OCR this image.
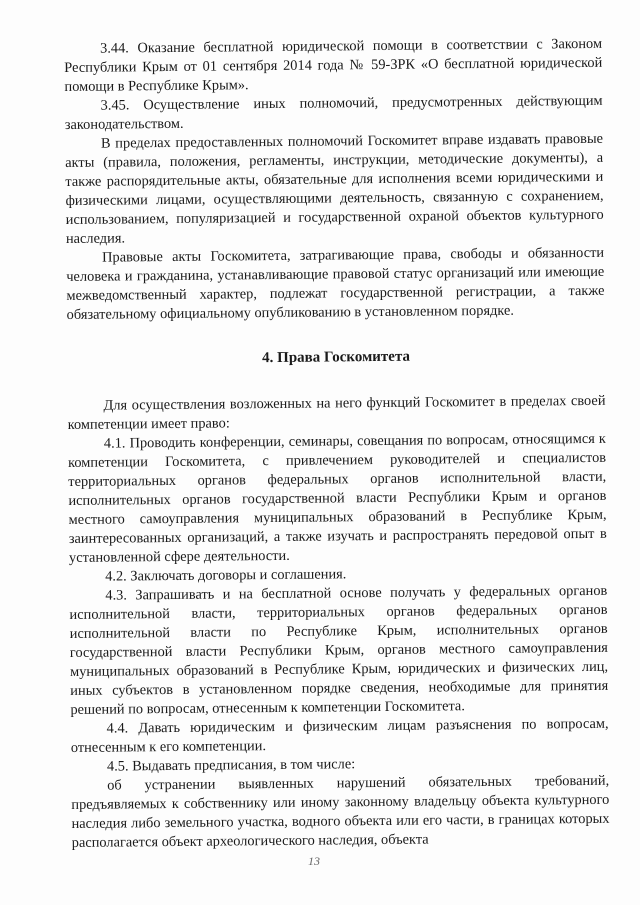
3.44. Оказание бесплатной юридической помощи в соответствии с Законом Республики Крым от 01 сентября 2014 года № 59-ЗРК «О бесплатной юридической помощи в Республике Крым».

3.45. Осуществление иных полномочий, предусмотренных действующим законодательством.

В пределах предоставленных полномочий Госкомитет вправе издавать правовые акты (правила, положения, регламенты, инструкции, методические документы), а также распорядительные акты, обязательные для исполнения всеми юридическими и физическими лицами, осуществляющими деятельность, связанную с сохранением, использованием, популяризацией и государственной охраной объектов культурного наследия.

Правовые акты Госкомитета, затрагивающие права, свободы и обязанности человека и гражданина, устанавливающие правовой статус организаций или имеющие межведомственный характер, подлежат государственной регистрации, а также обязательному официальному опубликованию в установленном порядке.

4. Права Госкомитета

Для осуществления возложенных на него функций Госкомитет в пределах своей компетенции имеет право:

4.1. Проводить конференции, семинары, совещания по вопросам, относящимся к компетенции Госкомитета, с привлечением руководителей и специалистов территориальных органов федеральных органов исполнительной власти, исполнительных органов государственной власти Республики Крым и органов местного самоуправления муниципальных образований в Республике Крым, заинтересованных организаций, а также изучать и распространять передовой опыт в установленной сфере деятельности.

4.2. Заключать договоры и соглашения.

4.3. Запрашивать и на бесплатной основе получать у федеральных органов исполнительной власти, территориальных органов федеральных органов исполнительной власти по Республике Крым, исполнительных органов государственной власти Республики Крым, органов местного самоуправления муниципальных образований в Республике Крым, юридических и физических лиц, иных субъектов в установленном порядке сведения, необходимые для принятия решений по вопросам, отнесенным к компетенции Госкомитета.

4.4. Давать юридическим и физическим лицам разъяснения по вопросам, отнесенным к его компетенции.

4.5. Выдавать предписания, в том числе:

об устранении выявленных нарушений обязательных требований, предъявляемых к собственнику или иному законному владельцу объекта культурного наследия либо земельного участка, водного объекта или его части, в границах которых располагается объект археологического наследия, объекта

13
